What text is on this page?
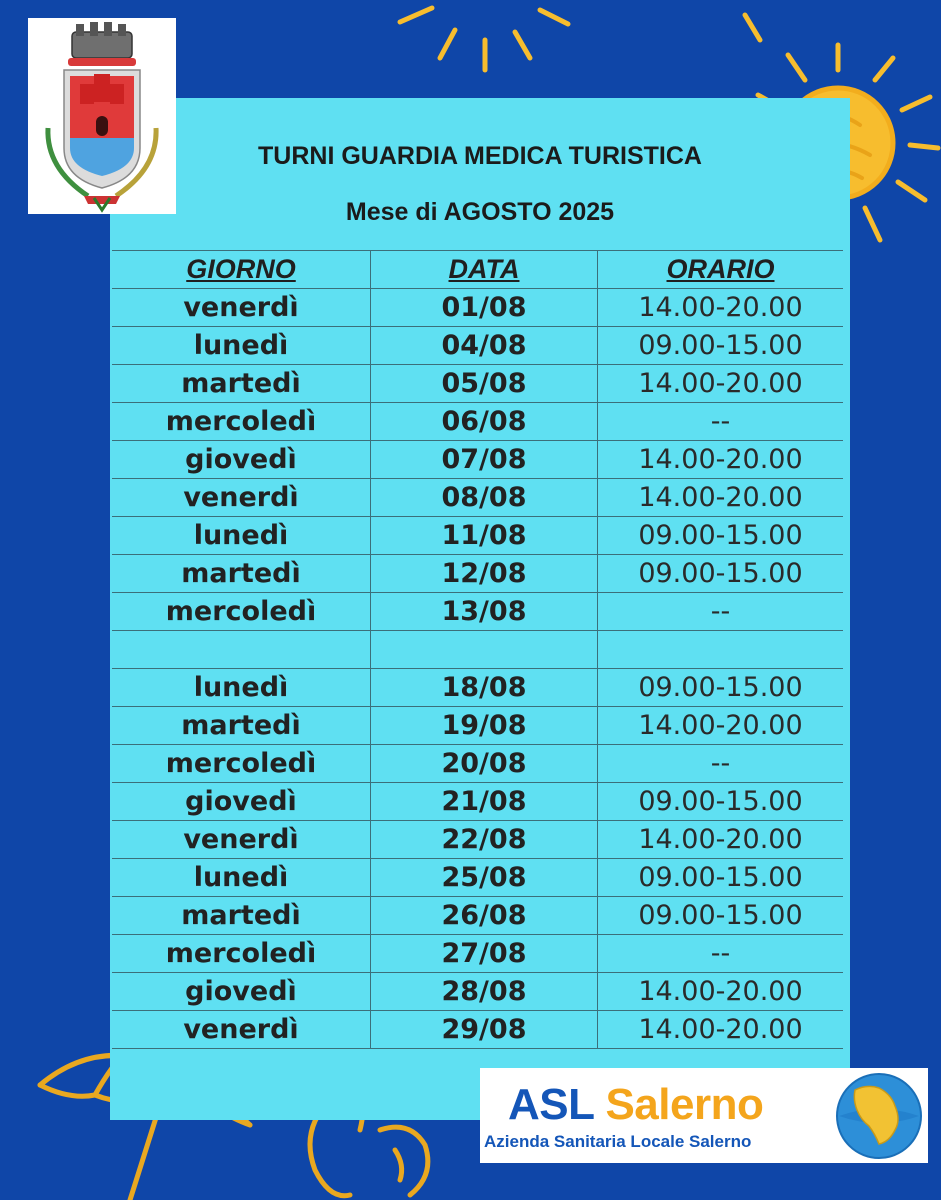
TURNI GUARDIA MEDICA TURISTICA
Mese di AGOSTO 2025
GIORNO	DATA	ORARIO
venerdì	01/08	14.00-20.00
lunedì	04/08	09.00-15.00
martedì	05/08	14.00-20.00
mercoledì	06/08	--
giovedì	07/08	14.00-20.00
venerdì	08/08	14.00-20.00
lunedì	11/08	09.00-15.00
martedì	12/08	09.00-15.00
mercoledì	13/08	--

lunedì	18/08	09.00-15.00
martedì	19/08	14.00-20.00
mercoledì	20/08	--
giovedì	21/08	09.00-15.00
venerdì	22/08	14.00-20.00
lunedì	25/08	09.00-15.00
martedì	26/08	09.00-15.00
mercoledì	27/08	--
giovedì	28/08	14.00-20.00
venerdì	29/08	14.00-20.00

ASL Salerno

Azienda Sanitaria Locale Salerno
